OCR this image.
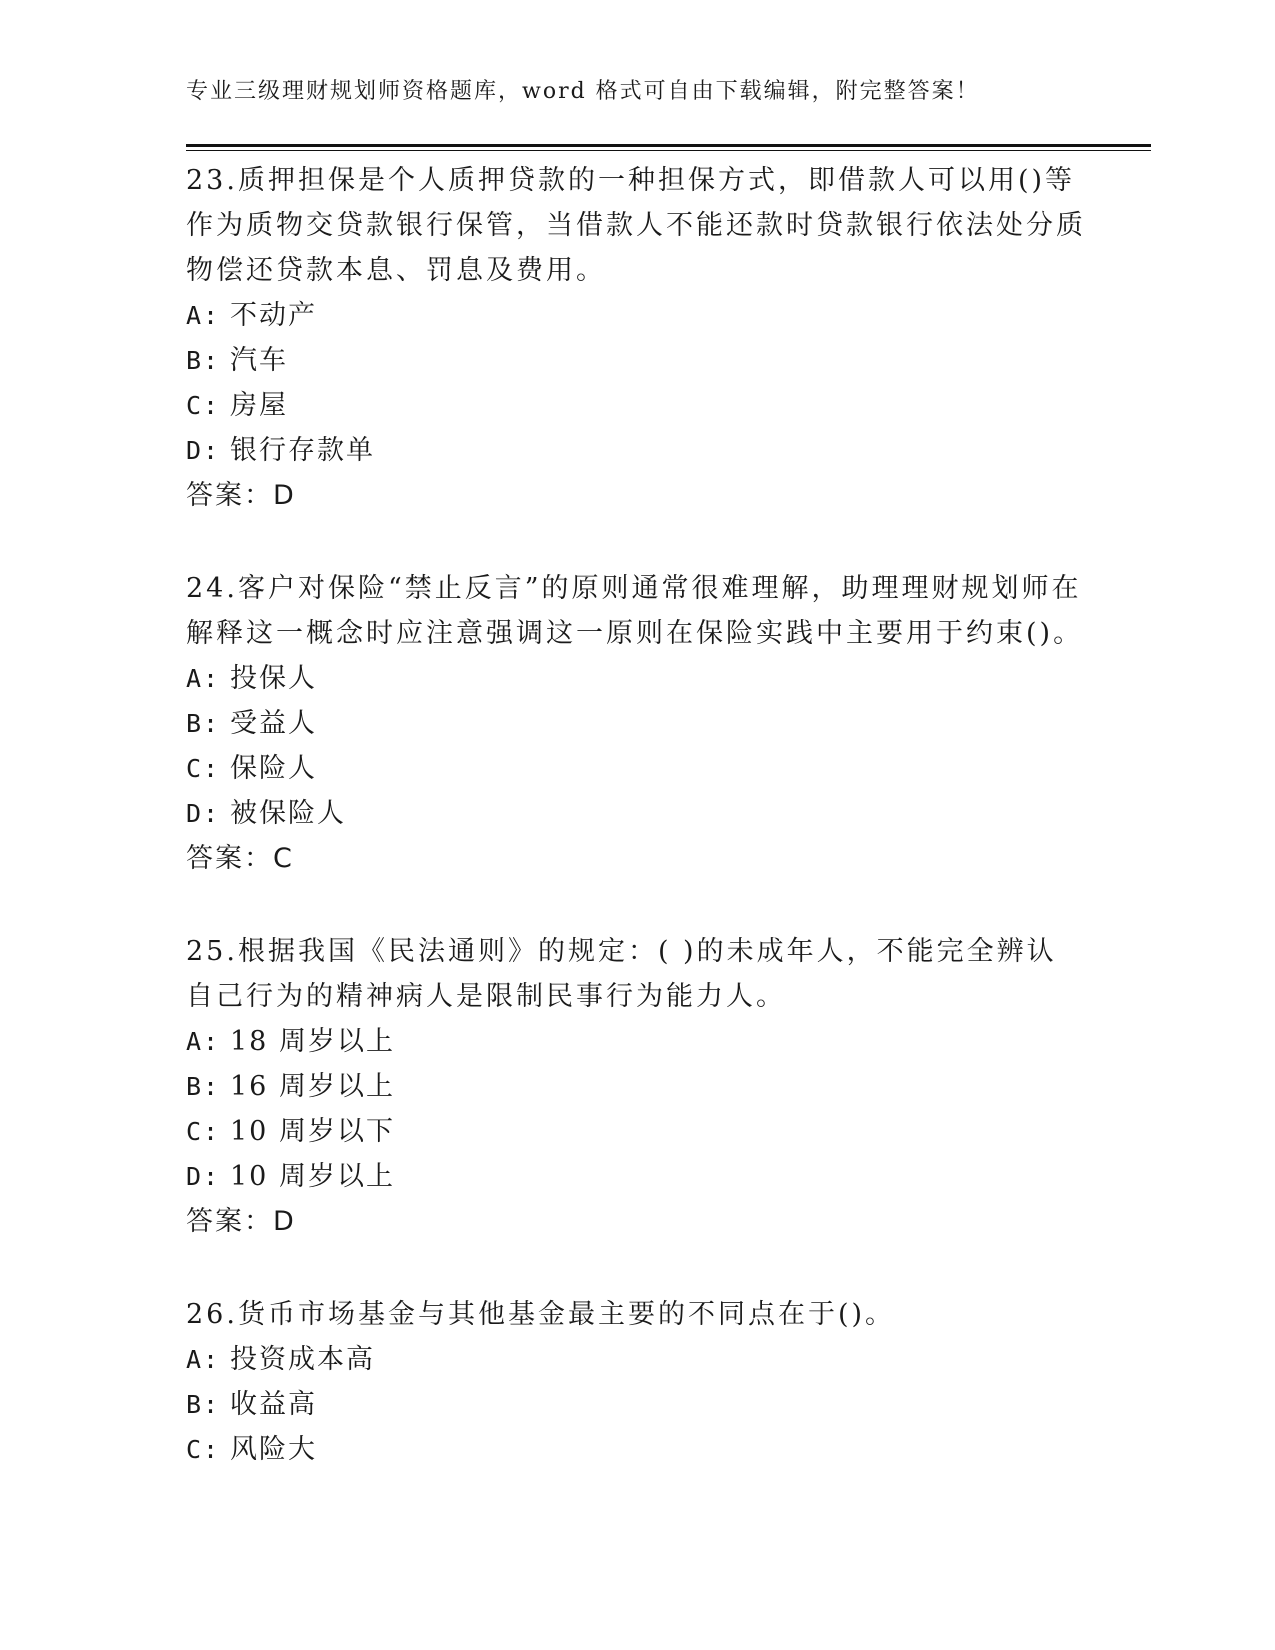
专业三级理财规划师资格题库，word 格式可自由下载编辑，附完整答案！

23.质押担保是个人质押贷款的一种担保方式，即借款人可以用()等作为质物交贷款银行保管，当借款人不能还款时贷款银行依法处分质物偿还贷款本息、罚息及费用。

A: 不动产

B: 汽车

C: 房屋

D: 银行存款单

答案：D

24.客户对保险“禁止反言”的原则通常很难理解，助理理财规划师在解释这一概念时应注意强调这一原则在保险实践中主要用于约束()。

A: 投保人

B: 受益人

C: 保险人

D: 被保险人

答案：C

25.根据我国《民法通则》的规定：( )的未成年人，不能完全辨认自己行为的精神病人是限制民事行为能力人。

A: 18 周岁以上

B: 16 周岁以上

C: 10 周岁以下

D: 10 周岁以上

答案：D

26.货币市场基金与其他基金最主要的不同点在于()。

A: 投资成本高

B: 收益高

C: 风险大
